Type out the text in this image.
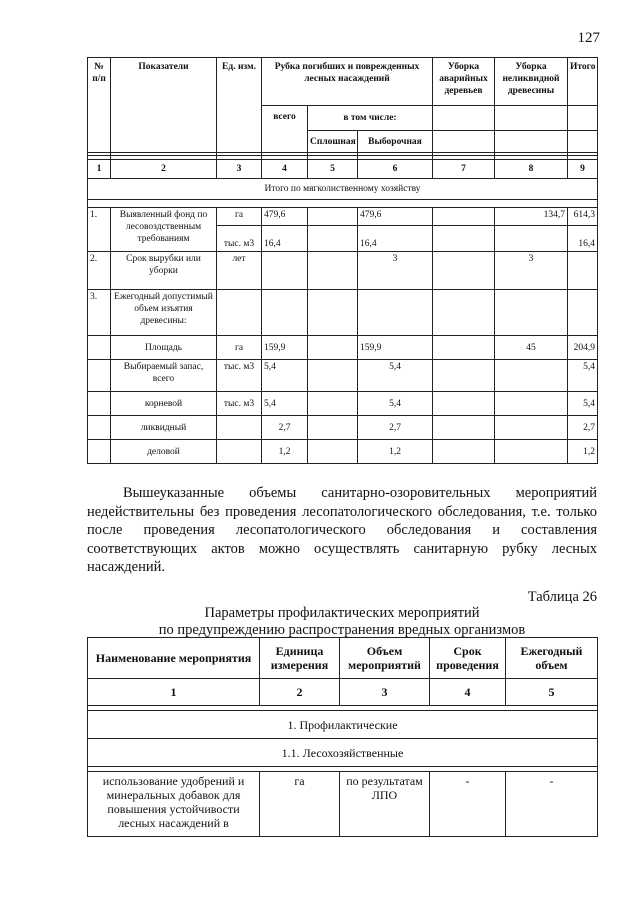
127
№ п/п	Показатели	Ед. изм.	Рубка погибших и поврежденных лесных насаждений			Уборка аварийных деревьев	Уборка неликвидной древесины	Итого
			всего	в том числе:				
				Сплошная	Выборочная			

1	2	3	4	5	6	7	8	9
Итого по мягколиственному хозяйству								

1.	Выявленный фонд по лесовоздственным требованиям	га	479,6		479,6		134,7	614,3
		тыс. м3	16,4		16,4			16,4
2.	Срок вырубки или уборки	лет			3		3	
3.	Ежегодный допустимый объем изъятия древесины:							
	Площадь	га	159,9		159,9		45	204,9
	Выбираемый запас, всего	тыс. м3	5,4		5,4			5,4
	корневой	тыс. м3	5,4		5,4			5,4
	ликвидный		2,7		2,7			2,7
	деловой		1,2		1,2			1,2

Вышеуказанные объемы санитарно-озоровительных мероприятий недействительны без проведения лесопатологического обследования, т.е. только после проведения лесопатологического обследования и составления соответствующих актов можно осуществлять санитарную рубку лесных насаждений.

Таблица 26
Параметры профилактических мероприятий
по предупреждению распространения вредных организмов
Наименование мероприятия	Единица измерения	Объем мероприятий	Срок проведения	Ежегодный объем
1	2	3	4	5

1. Профилактические				
1.1. Лесохозяйственные				

использование удобрений и минеральных добавок для повышения устойчивости лесных насаждений в	га	по результатам ЛПО	-	-
